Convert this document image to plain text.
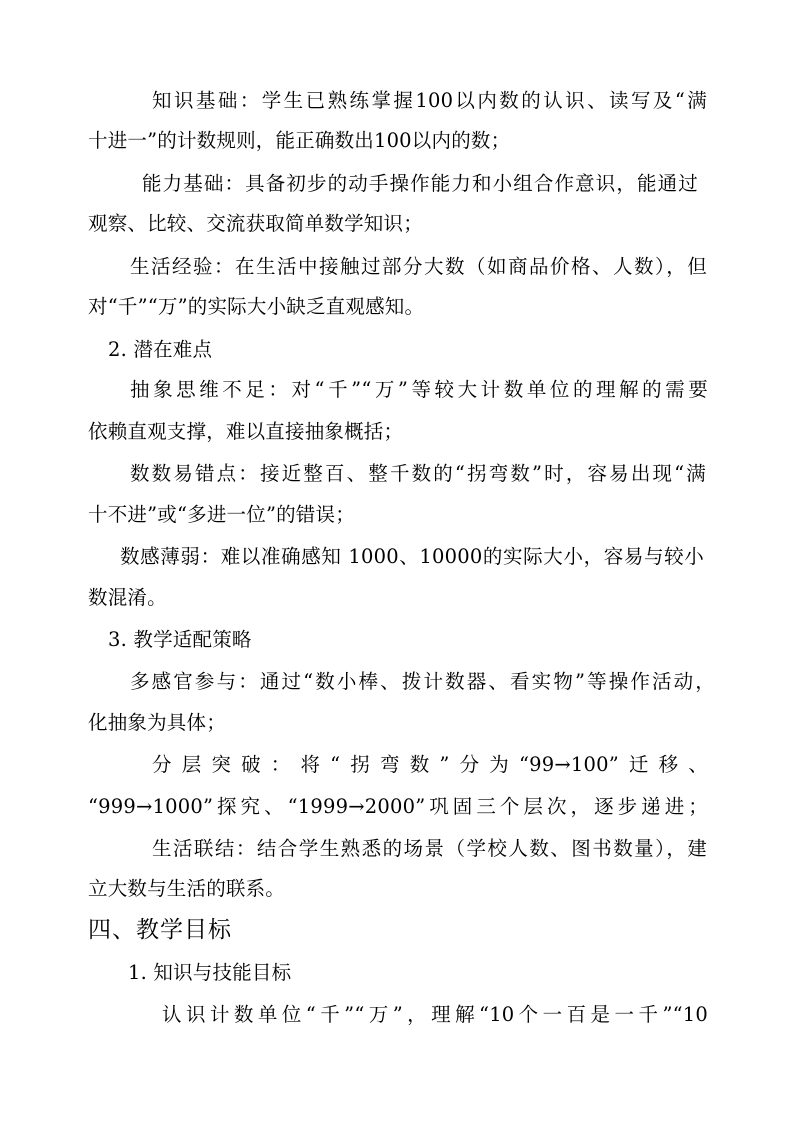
知识基础：学生已熟练掌握100以内数的认识、读写及“满
十进一”的计数规则，能正确数出100以内的数；
能力基础：具备初步的动手操作能力和小组合作意识，能通过
观察、比较、交流获取简单数学知识；
生活经验：在生活中接触过部分大数（如商品价格、人数），但
对“千”“万”的实际大小缺乏直观感知。
2. 潜在难点
抽象思维不足：对“千”“万”等较大计数单位的理解的需要
依赖直观支撑，难以直接抽象概括；
数数易错点：接近整百、整千数的“拐弯数”时，容易出现“满
十不进”或“多进一位”的错误；
数感薄弱：难以准确感知 1000、10000的实际大小，容易与较小
数混淆。
3. 教学适配策略
多感官参与：通过“数小棒、拨计数器、看实物”等操作活动，
化抽象为具体；
分层突破：将“拐弯数”分为“99→100”迁移、
“999→1000”探究、“1999→2000”巩固三个层次，逐步递进；
生活联结：结合学生熟悉的场景（学校人数、图书数量），建
立大数与生活的联系。
四、教学目标
1. 知识与技能目标
认识计数单位“千”“万”，理解“10个一百是一千”“10
